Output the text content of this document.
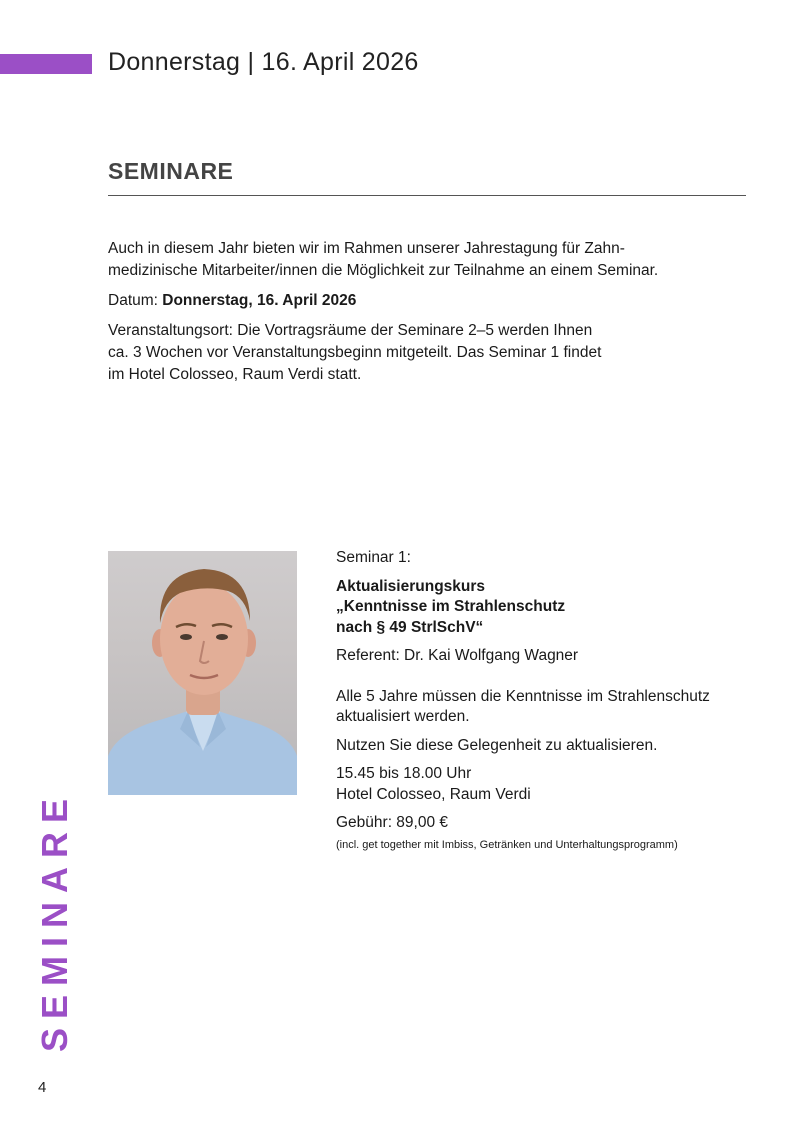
Donnerstag | 16. April 2026
SEMINARE

Auch in diesem Jahr bieten wir im Rahmen unserer Jahrestagung für Zahn-
medizinische Mitarbeiter/innen die Möglichkeit zur Teilnahme an einem Seminar.

Datum: Donnerstag, 16. April 2026

Veranstaltungsort: Die Vortragsräume der Seminare 2–5 werden Ihnen
ca. 3 Wochen vor Veranstaltungsbeginn mitgeteilt. Das Seminar 1 findet
im Hotel Colosseo, Raum Verdi statt.

Seminar 1:
Aktualisierungskurs
„Kenntnisse im Strahlenschutz
nach § 49 StrlSchV“
Referent: Dr. Kai Wolfgang Wagner
Alle 5 Jahre müssen die Kenntnisse im Strahlenschutz
aktualisiert werden.
Nutzen Sie diese Gelegenheit zu aktualisieren.
15.45 bis 18.00 Uhr
Hotel Colosseo, Raum Verdi
Gebühr: 89,00 €
(incl. get together mit Imbiss, Getränken und Unterhaltungsprogramm)
SEMINARE
4
